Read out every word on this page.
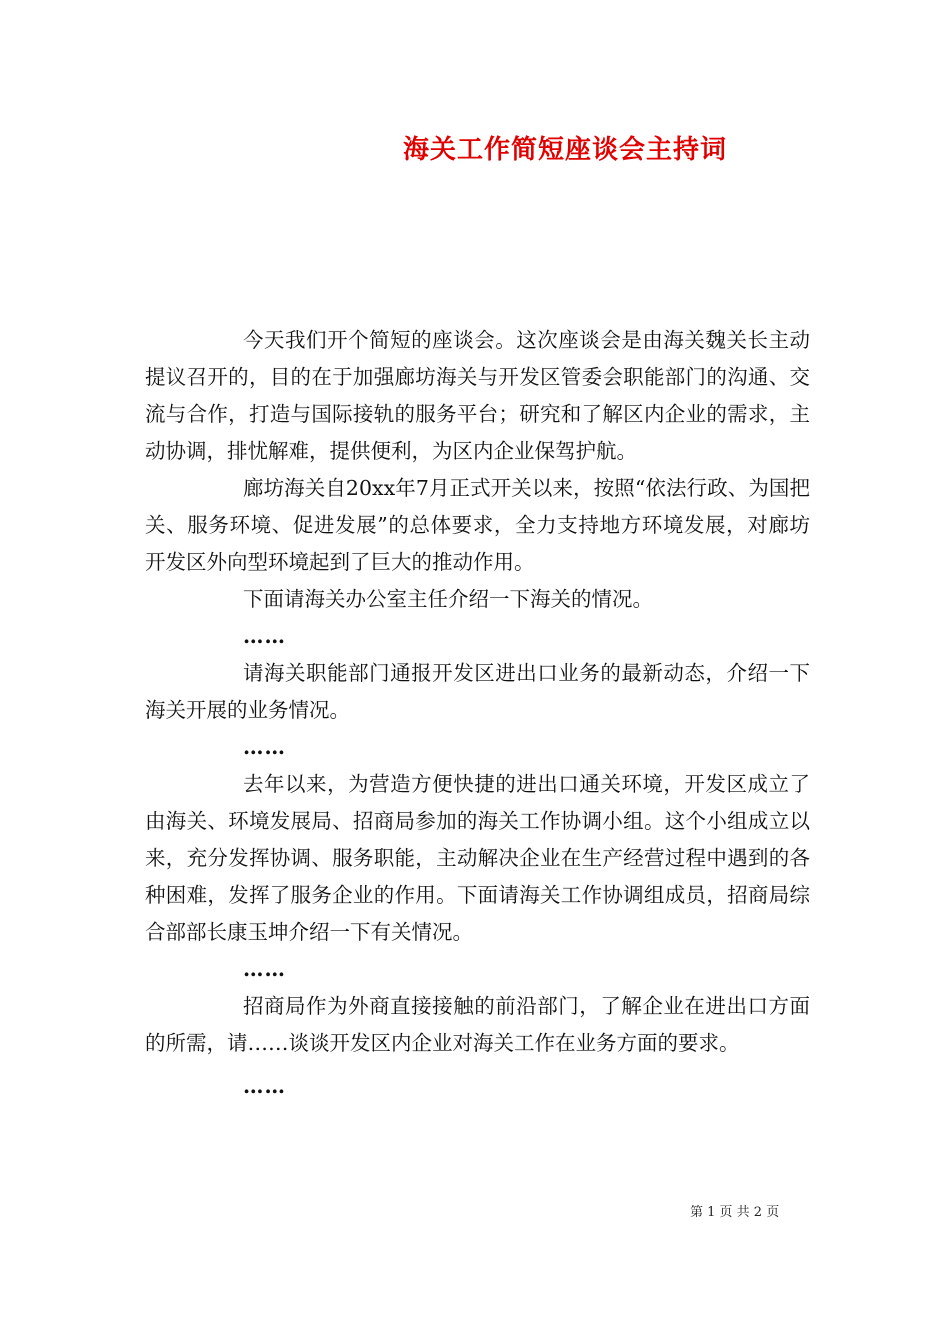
海关工作简短座谈会主持词

今天我们开个简短的座谈会。这次座谈会是由海关魏关长主动提议召开的，目的在于加强廊坊海关与开发区管委会职能部门的沟通、交流与合作，打造与国际接轨的服务平台；研究和了解区内企业的需求，主动协调，排忧解难，提供便利，为区内企业保驾护航。

廊坊海关自20xx年7月正式开关以来，按照“依法行政、为国把关、服务环境、促进发展”的总体要求，全力支持地方环境发展，对廊坊开发区外向型环境起到了巨大的推动作用。

下面请海关办公室主任介绍一下海关的情况。

……

请海关职能部门通报开发区进出口业务的最新动态，介绍一下海关开展的业务情况。

……

去年以来，为营造方便快捷的进出口通关环境，开发区成立了由海关、环境发展局、招商局参加的海关工作协调小组。这个小组成立以来，充分发挥协调、服务职能，主动解决企业在生产经营过程中遇到的各种困难，发挥了服务企业的作用。下面请海关工作协调组成员，招商局综合部部长康玉坤介绍一下有关情况。

……

招商局作为外商直接接触的前沿部门，了解企业在进出口方面的所需，请……谈谈开发区内企业对海关工作在业务方面的要求。

……

第 1 页 共 2 页
